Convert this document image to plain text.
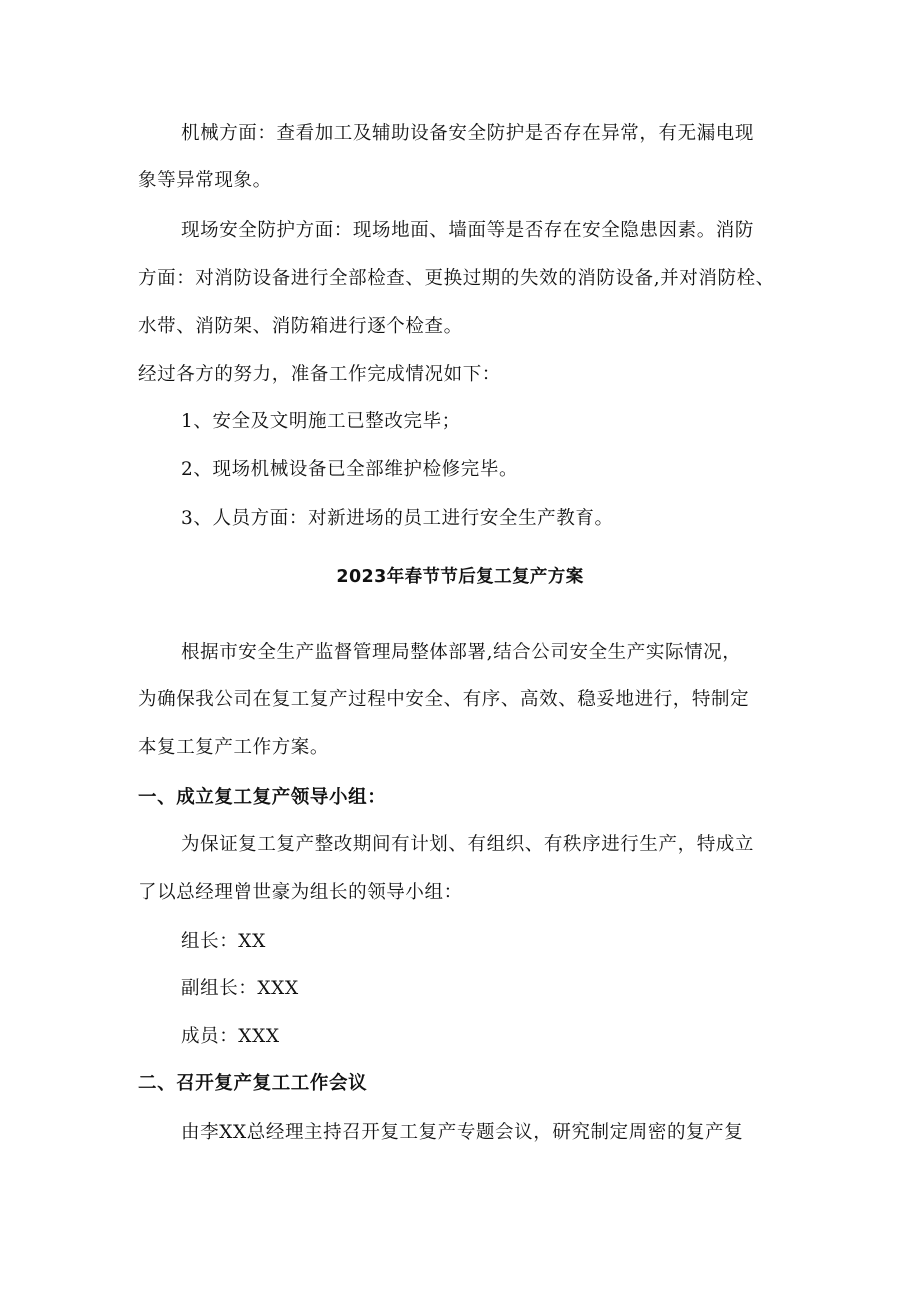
机械方面：查看加工及辅助设备安全防护是否存在异常，有无漏电现
象等异常现象。
现场安全防护方面：现场地面、墙面等是否存在安全隐患因素。消防
方面：对消防设备进行全部检查、更换过期的失效的消防设备,并对消防栓、
水带、消防架、消防箱进行逐个检查。
经过各方的努力，准备工作完成情况如下：
1、安全及文明施工已整改完毕；
2、现场机械设备已全部维护检修完毕。
3、人员方面：对新进场的员工进行安全生产教育。
2023年春节节后复工复产方案
根据市安全生产监督管理局整体部署,结合公司安全生产实际情况，
为确保我公司在复工复产过程中安全、有序、高效、稳妥地进行，特制定
本复工复产工作方案。
一、成立复工复产领导小组：
为保证复工复产整改期间有计划、有组织、有秩序进行生产，特成立
了以总经理曾世豪为组长的领导小组：
组长：XX
副组长：XXX
成员：XXX
二、召开复产复工工作会议
由李XX总经理主持召开复工复产专题会议，研究制定周密的复产复
